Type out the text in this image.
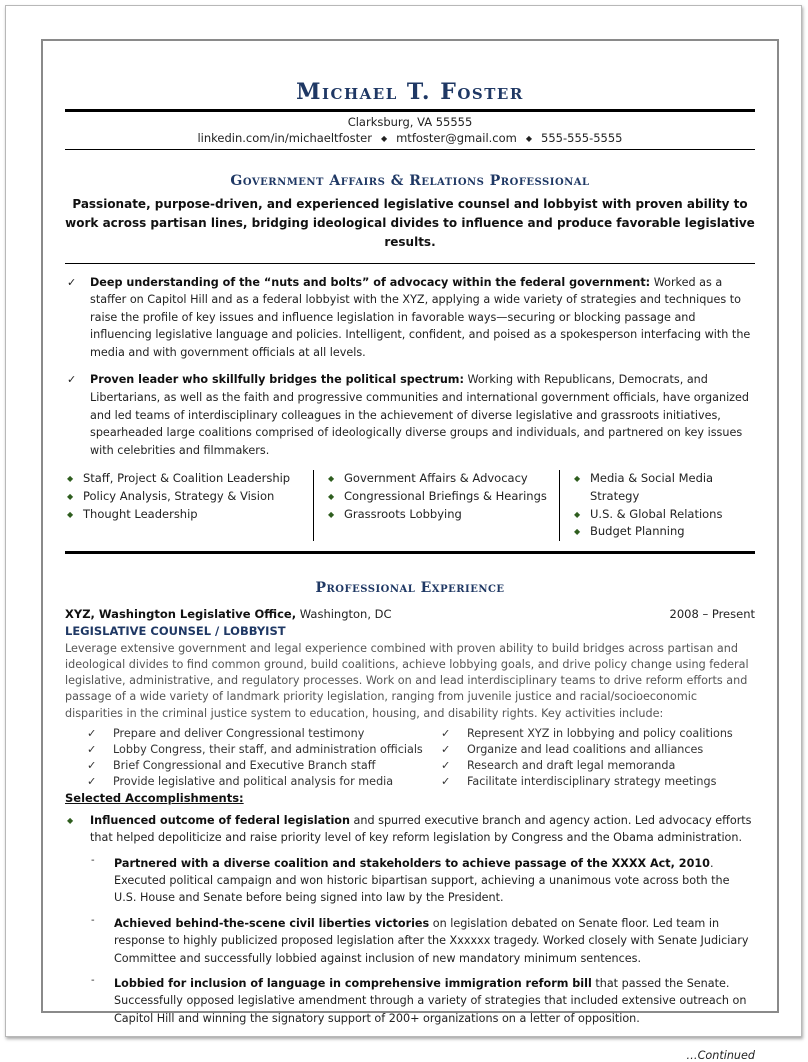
Michael T. Foster
Clarksburg, VA 55555
linkedin.com/in/michaeltfoster ◆ mtfoster@gmail.com ◆ 555-555-5555
Government Affairs & Relations Professional
Passionate, purpose-driven, and experienced legislative counsel and lobbyist with proven ability to work across partisan lines, bridging ideological divides to influence and produce favorable legislative results.
✓ Deep understanding of the “nuts and bolts” of advocacy within the federal government: Worked as a staffer on Capitol Hill and as a federal lobbyist with the XYZ, applying a wide variety of strategies and techniques to raise the profile of key issues and influence legislation in favorable ways—securing or blocking passage and influencing legislative language and policies. Intelligent, confident, and poised as a spokesperson interfacing with the media and with government officials at all levels.
✓ Proven leader who skillfully bridges the political spectrum: Working with Republicans, Democrats, and Libertarians, as well as the faith and progressive communities and international government officials, have organized and led teams of interdisciplinary colleagues in the achievement of diverse legislative and grassroots initiatives, spearheaded large coalitions comprised of ideologically diverse groups and individuals, and partnered on key issues with celebrities and filmmakers.
◆ Staff, Project & Coalition Leadership
◆ Policy Analysis, Strategy & Vision
◆ Thought Leadership
◆ Government Affairs & Advocacy
◆ Congressional Briefings & Hearings
◆ Grassroots Lobbying
◆ Media & Social Media Strategy
◆ U.S. & Global Relations
◆ Budget Planning
Professional Experience
XYZ, Washington Legislative Office, Washington, DC	2008 – Present
LEGISLATIVE COUNSEL / LOBBYIST
Leverage extensive government and legal experience combined with proven ability to build bridges across partisan and ideological divides to find common ground, build coalitions, achieve lobbying goals, and drive policy change using federal legislative, administrative, and regulatory processes. Work on and lead interdisciplinary teams to drive reform efforts and passage of a wide variety of landmark priority legislation, ranging from juvenile justice and racial/socioeconomic disparities in the criminal justice system to education, housing, and disability rights. Key activities include:
✓ Prepare and deliver Congressional testimony
✓ Lobby Congress, their staff, and administration officials
✓ Brief Congressional and Executive Branch staff
✓ Provide legislative and political analysis for media
✓ Represent XYZ in lobbying and policy coalitions
✓ Organize and lead coalitions and alliances
✓ Research and draft legal memoranda
✓ Facilitate interdisciplinary strategy meetings
Selected Accomplishments:
◆ Influenced outcome of federal legislation and spurred executive branch and agency action. Led advocacy efforts that helped depoliticize and raise priority level of key reform legislation by Congress and the Obama administration.
- Partnered with a diverse coalition and stakeholders to achieve passage of the XXXX Act, 2010. Executed political campaign and won historic bipartisan support, achieving a unanimous vote across both the U.S. House and Senate before being signed into law by the President.
- Achieved behind-the-scene civil liberties victories on legislation debated on Senate floor. Led team in response to highly publicized proposed legislation after the Xxxxxx tragedy. Worked closely with Senate Judiciary Committee and successfully lobbied against inclusion of new mandatory minimum sentences.
- Lobbied for inclusion of language in comprehensive immigration reform bill that passed the Senate. Successfully opposed legislative amendment through a variety of strategies that included extensive outreach on Capitol Hill and winning the signatory support of 200+ organizations on a letter of opposition.
…Continued
